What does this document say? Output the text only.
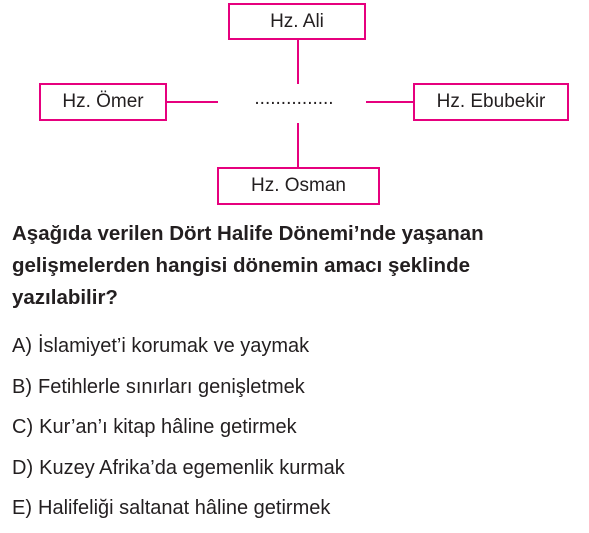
Hz. Ali
Hz. Ömer	Hz. Ebubekir
Hz. Osman
...............

Aşağıda verilen Dört Halife Dönemi’nde yaşanan
gelişmelerden hangisi dönemin amacı şeklinde
yazılabilir?

A) İslamiyet’i korumak ve yaymak
B) Fetihlerle sınırları genişletmek
C) Kur’an’ı kitap hâline getirmek
D) Kuzey Afrika’da egemenlik kurmak
E) Halifeliği saltanat hâline getirmek
